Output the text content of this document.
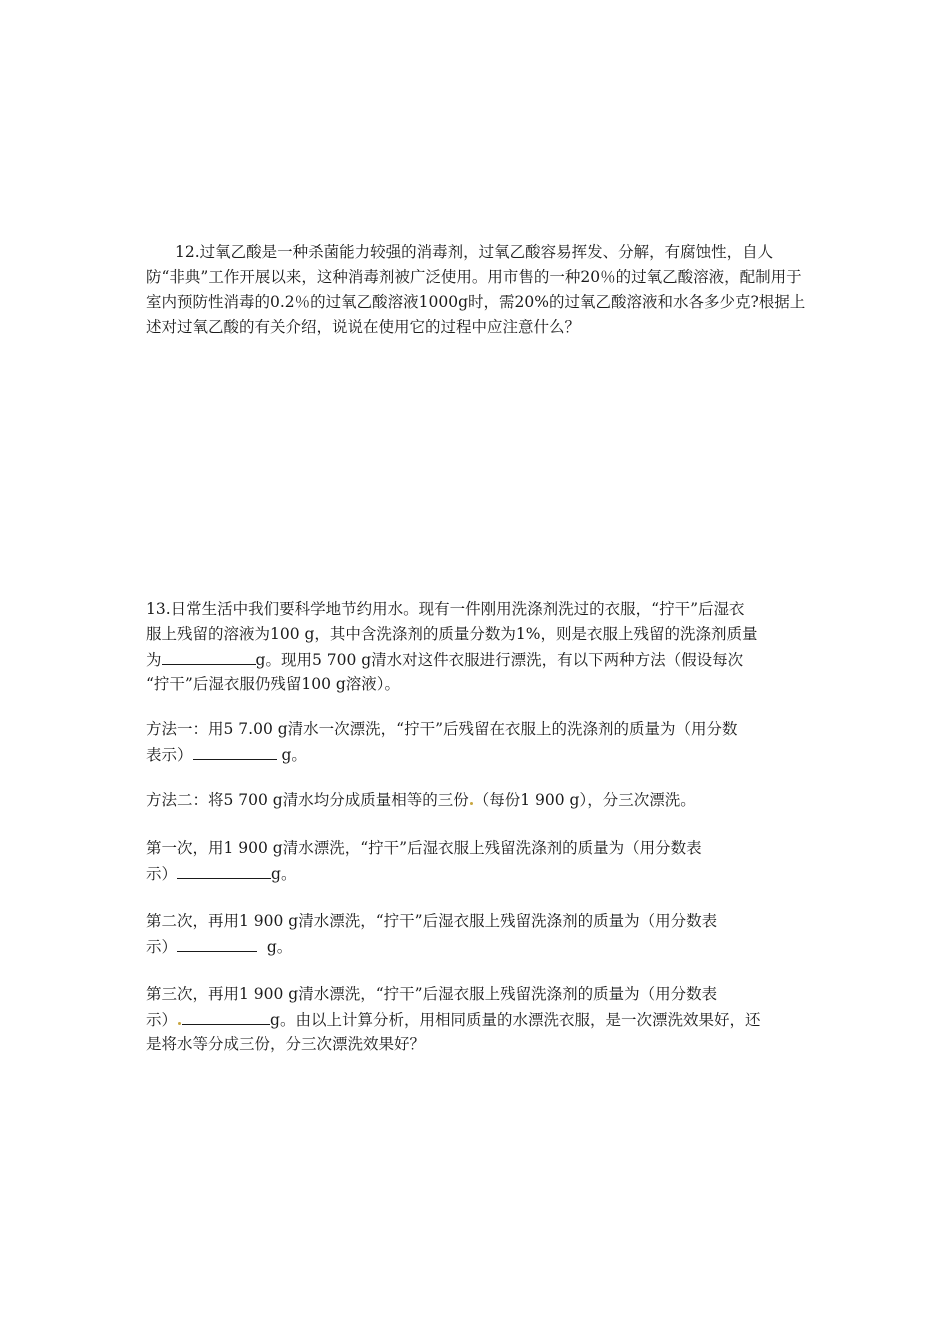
12.过氧乙酸是一种杀菌能力较强的消毒剂，过氧乙酸容易挥发、分解，有腐蚀性，自人防“非典”工作开展以来，这种消毒剂被广泛使用。用市售的一种20％的过氧乙酸溶液，配制用于室内预防性消毒的0.2％的过氧乙酸溶液1000g时，需20%的过氧乙酸溶液和水各多少克?根据上述对过氧乙酸的有关介绍，说说在使用它的过程中应注意什么？

13.日常生活中我们要科学地节约用水。现有一件刚用洗涤剂洗过的衣服，“拧干”后湿衣

服上残留的溶液为100 g，其中含洗涤剂的质量分数为1%，则是衣服上残留的洗涤剂质量

为	g。现用5 700 g清水对这件衣服进行漂洗，有以下两种方法（假设每次

“拧干”后湿衣服仍残留100 g溶液）。

方法一：用5 7.00 g清水一次漂洗，“拧干”后残留在衣服上的洗涤剂的质量为（用分数

表示）	g。

方法二：将5 700 g清水均分成质量相等的三份 （每份1 900 g），分三次漂洗。

第一次，用1 900 g清水漂洗，“拧干”后湿衣服上残留洗涤剂的质量为（用分数表

示）	g。

第二次，再用1 900 g清水漂洗，“拧干”后湿衣服上残留洗涤剂的质量为（用分数表

示）	g。

第三次，再用1 900 g清水漂洗，“拧干”后湿衣服上残留洗涤剂的质量为（用分数表

示）	g。由以上计算分析，用相同质量的水漂洗衣服，是一次漂洗效果好，还

是将水等分成三份，分三次漂洗效果好？
